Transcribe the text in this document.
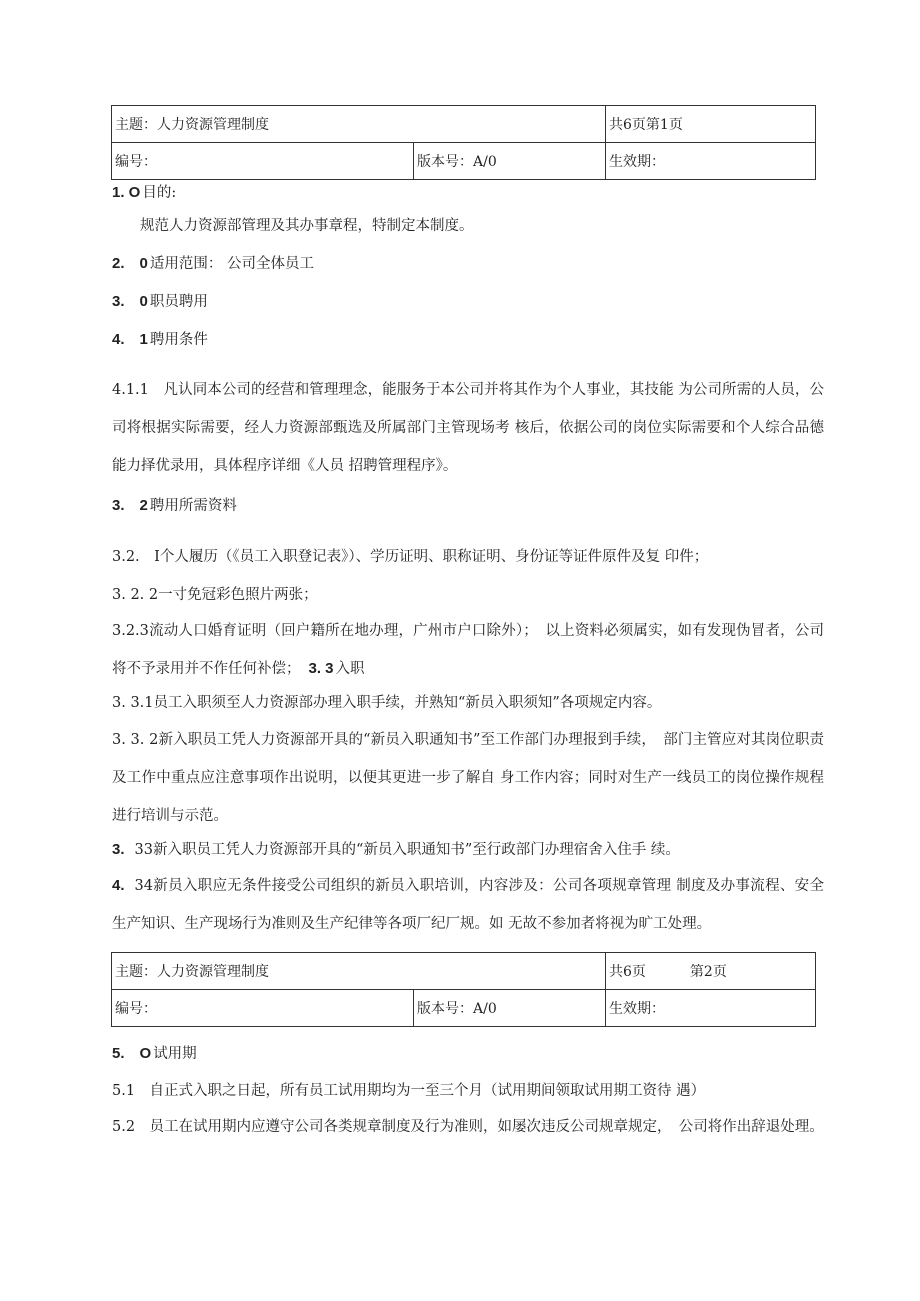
主题：人力资源管理制度		共6页第1页
编号：	版本号：A/0	生效期：
1. O 目的:
规范人力资源部管理及其办事章程，特制定本制度。
2.　0 适用范围： 公司全体员工
3.　0 职员聘用
4.　1 聘用条件
4.1.1　凡认同本公司的经营和管理理念，能服务于本公司并将其作为个人事业，其技能 为公司所需的人员，公司将根据实际需要，经人力资源部甄选及所属部门主管现场考 核后，依据公司的岗位实际需要和个人综合品德能力择优录用，具体程序详细《人员 招聘管理程序》。
3.　2 聘用所需资料
3.2.　I个人履历（《员工入职登记表》）、学历证明、职称证明、身份证等证件原件及复 印件；
3. 2. 2一寸免冠彩色照片两张；
3.2.3流动人口婚育证明（回户籍所在地办理，广州市户口除外）；　以上资料必须属实，如有发现伪冒者，公司将不予录用并不作任何补偿； 3. 3 入职
3. 3.1员工入职须至人力资源部办理入职手续，并熟知“新员入职须知”各项规定内容。
3. 3. 2新入职员工凭人力资源部开具的“新员入职通知书”至工作部门办理报到手续，　部门主管应对其岗位职责及工作中重点应注意事项作出说明，以便其更进一步了解自 身工作内容；同时对生产一线员工的岗位操作规程进行培训与示范。
3. 33新入职员工凭人力资源部开具的“新员入职通知书”至行政部门办理宿舍入住手 续。
4. 34新员入职应无条件接受公司组织的新员入职培训，内容涉及：公司各项规章管理 制度及办事流程、安全生产知识、生产现场行为准则及生产纪律等各项厂纪厂规。如 无故不参加者将视为旷工处理。
主题：人力资源管理制度		共6页 第2页
编号：	版本号：A/0	生效期：
5.　O 试用期
5.1　自正式入职之日起，所有员工试用期均为一至三个月（试用期间领取试用期工资待 遇）
5.2　员工在试用期内应遵守公司各类规章制度及行为准则，如屡次违反公司规章规定，　公司将作出辞退处理。
